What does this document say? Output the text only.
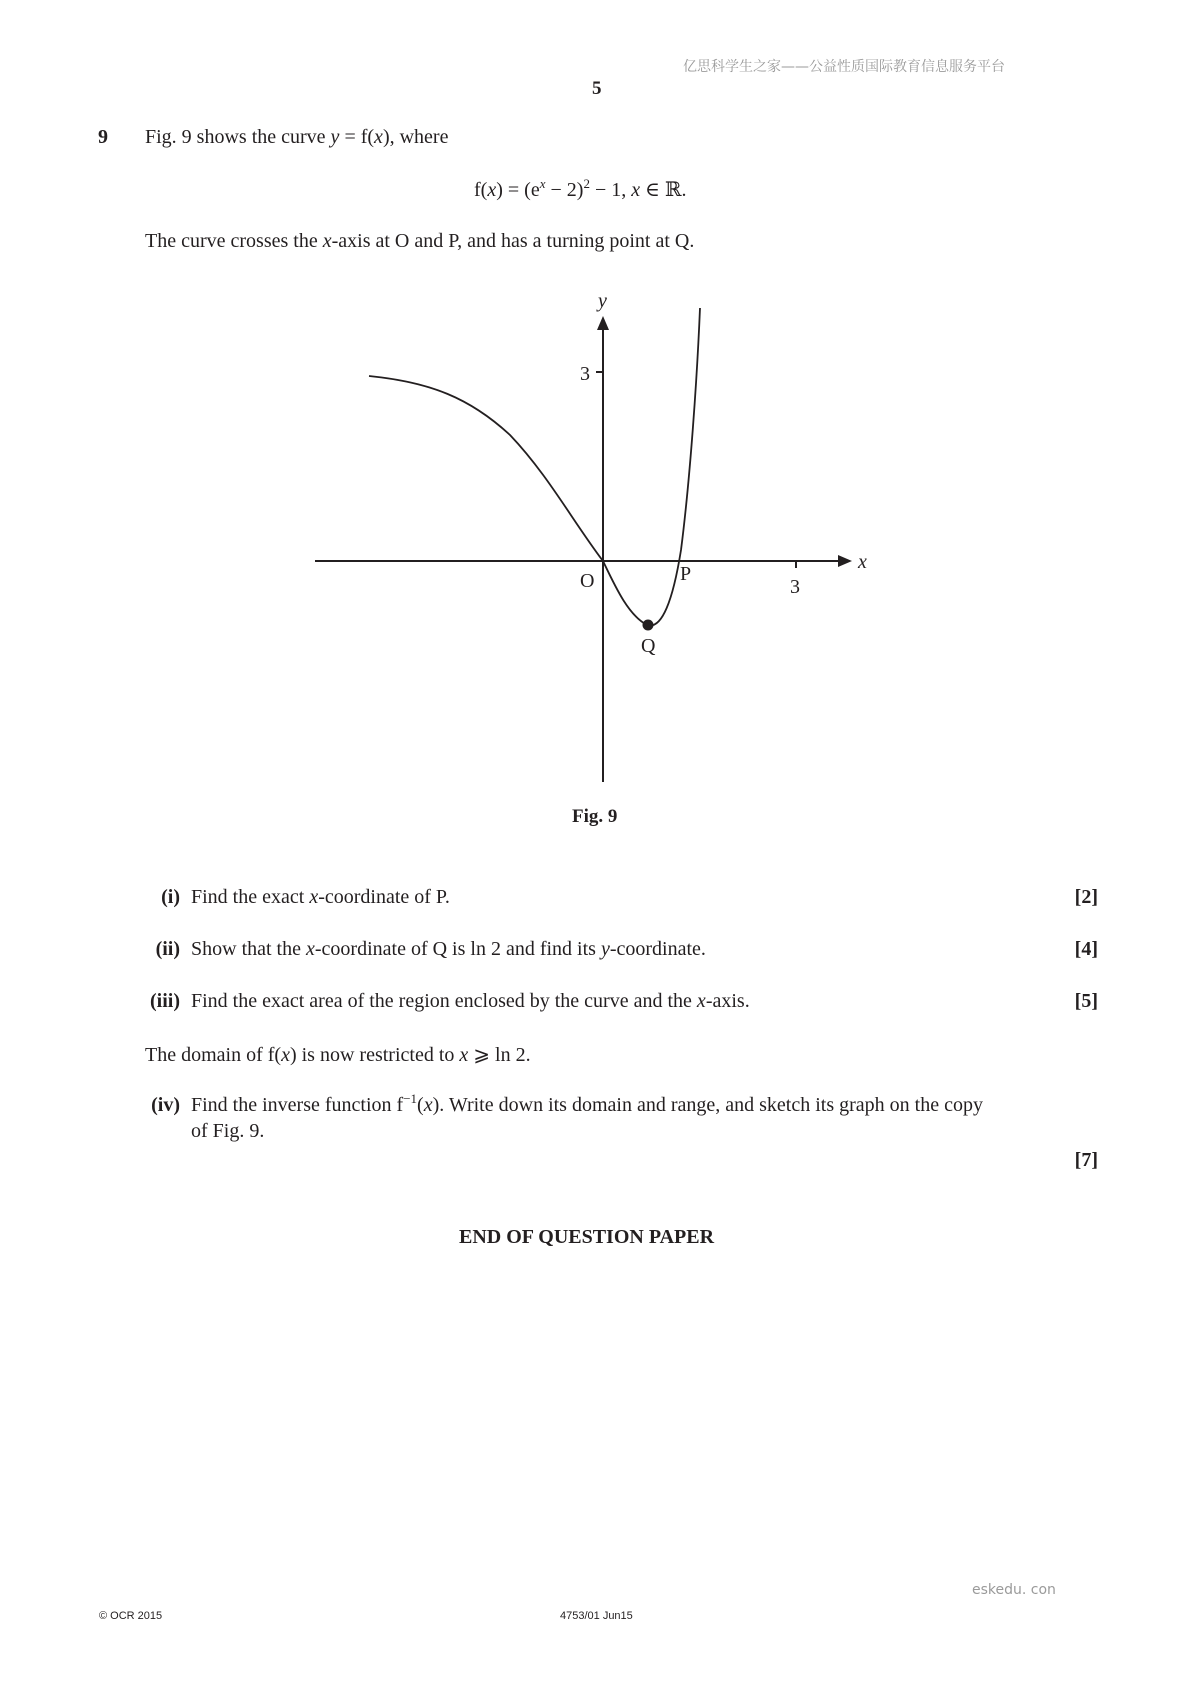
亿思科学生之家——公益性质国际教育信息服务平台
5
9 Fig. 9 shows the curve y = f(x), where
$f(x) = (e^x - 2)^2 - 1$, x ∈ ℝ.
The curve crosses the x-axis at O and P, and has a turning point at Q.
x
y
3
3
O	P
Q
Fig. 9
(i) Find the exact x-coordinate of P.	[2]
(ii) Show that the x-coordinate of Q is ln 2 and find its y-coordinate.	[4]
(iii) Find the exact area of the region enclosed by the curve and the x-axis.	[5]
The domain of f(x) is now restricted to x ⩾ ln 2.
(iv) Find the inverse function $f^{-1}(x)$. Write down its domain and range, and sketch its graph on the copy
of Fig. 9.
[7]
END OF QUESTION PAPER
eskedu. con
© OCR 2015	4753/01 Jun15
